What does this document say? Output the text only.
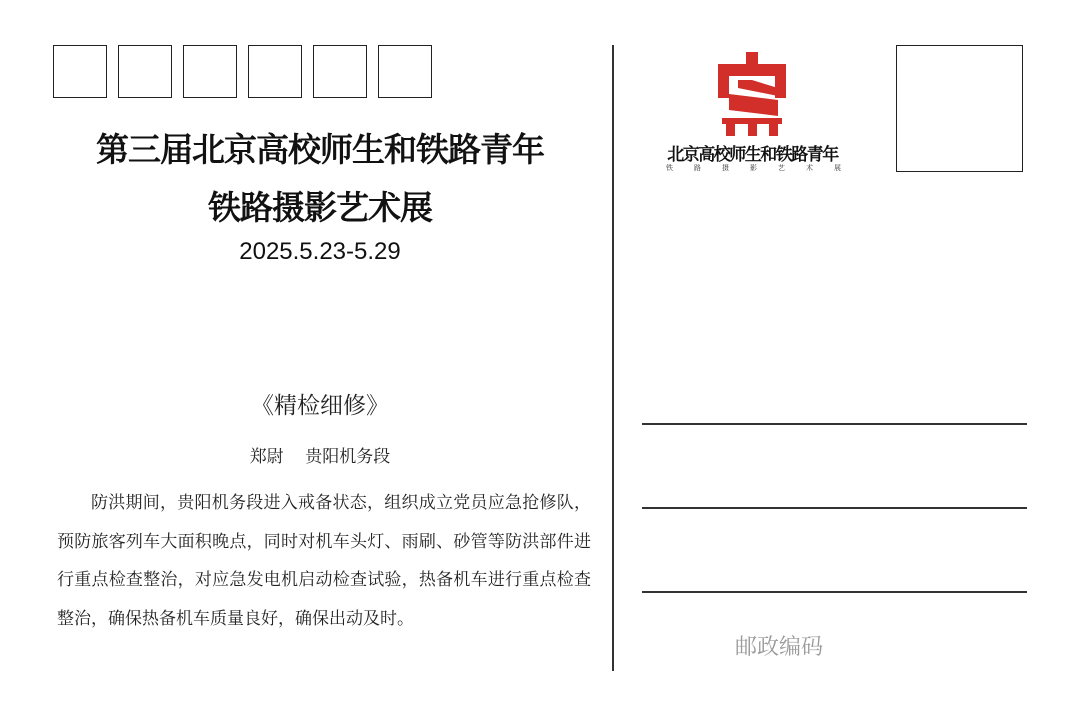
第三届北京高校师生和铁路青年
铁路摄影艺术展
2025.5.23-5.29
《精检细修》
郑尉    贵阳机务段

防洪期间，贵阳机务段进入戒备状态，组织成立党员应急抢修队，预防旅客列车大面积晚点，同时对机车头灯、雨刷、砂管等防洪部件进行重点检查整治，对应急发电机启动检查试验，热备机车进行重点检查整治，确保热备机车质量良好，确保出动及时。

北京高校师生和铁路青年
铁	路	摄	影	艺	术	展
邮政编码
